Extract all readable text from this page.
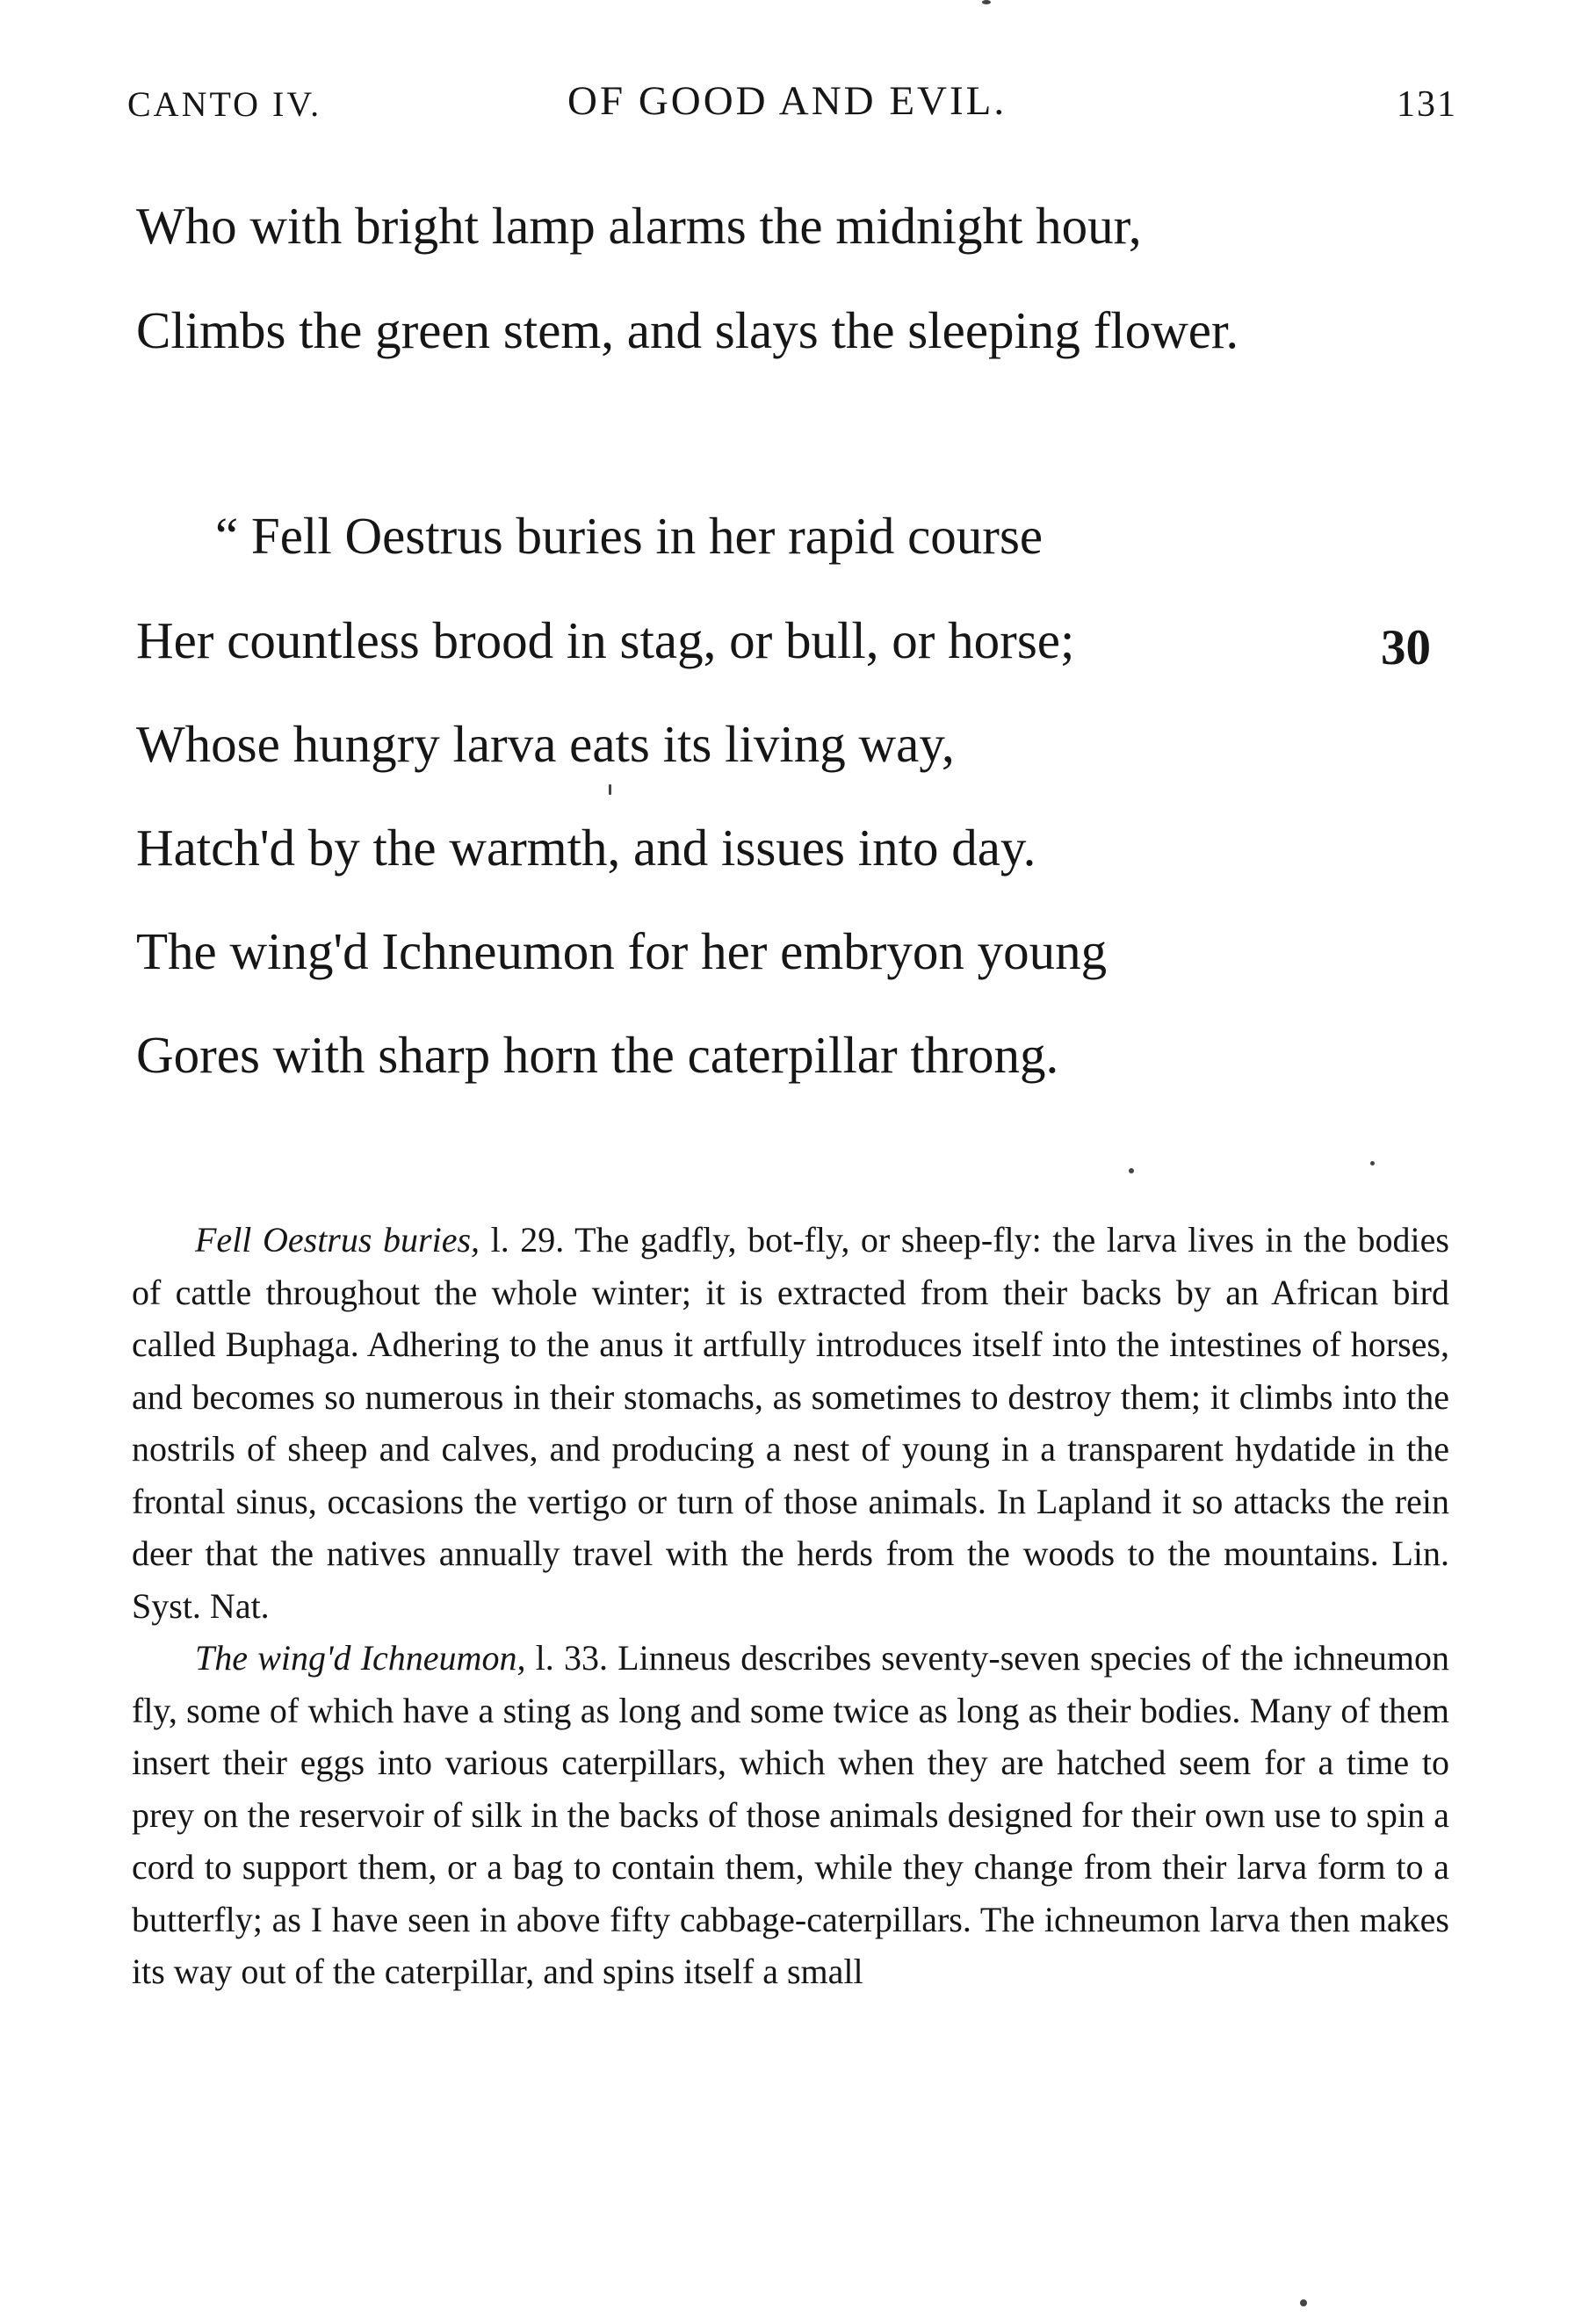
CANTO IV.	OF GOOD AND EVIL.	131
Who with bright lamp alarms the midnight hour,
Climbs the green stem, and slays the sleeping flower.
“ Fell Oestrus buries in her rapid course
Her countless brood in stag, or bull, or horse;
Whose hungry larva eats its living way,
Hatch'd by the warmth, and issues into day.
The wing'd Ichneumon for her embryon young
Gores with sharp horn the caterpillar throng.
30

Fell Oestrus buries, l. 29. The gadfly, bot-fly, or sheep-fly: the larva lives in the bodies of cattle throughout the whole winter; it is extracted from their backs by an African bird called Buphaga. Adhering to the anus it artfully introduces itself into the intestines of horses, and becomes so numerous in their stomachs, as sometimes to destroy them; it climbs into the nostrils of sheep and calves, and producing a nest of young in a transparent hydatide in the frontal sinus, occasions the vertigo or turn of those animals. In Lapland it so attacks the rein deer that the natives annually travel with the herds from the woods to the mountains. Lin. Syst. Nat.

The wing'd Ichneumon, l. 33. Linneus describes seventy-seven species of the ichneumon fly, some of which have a sting as long and some twice as long as their bodies. Many of them insert their eggs into various caterpillars, which when they are hatched seem for a time to prey on the reservoir of silk in the backs of those animals designed for their own use to spin a cord to support them, or a bag to contain them, while they change from their larva form to a butterfly; as I have seen in above fifty cabbage-caterpillars. The ichneumon larva then makes its way out of the caterpillar, and spins itself a small
